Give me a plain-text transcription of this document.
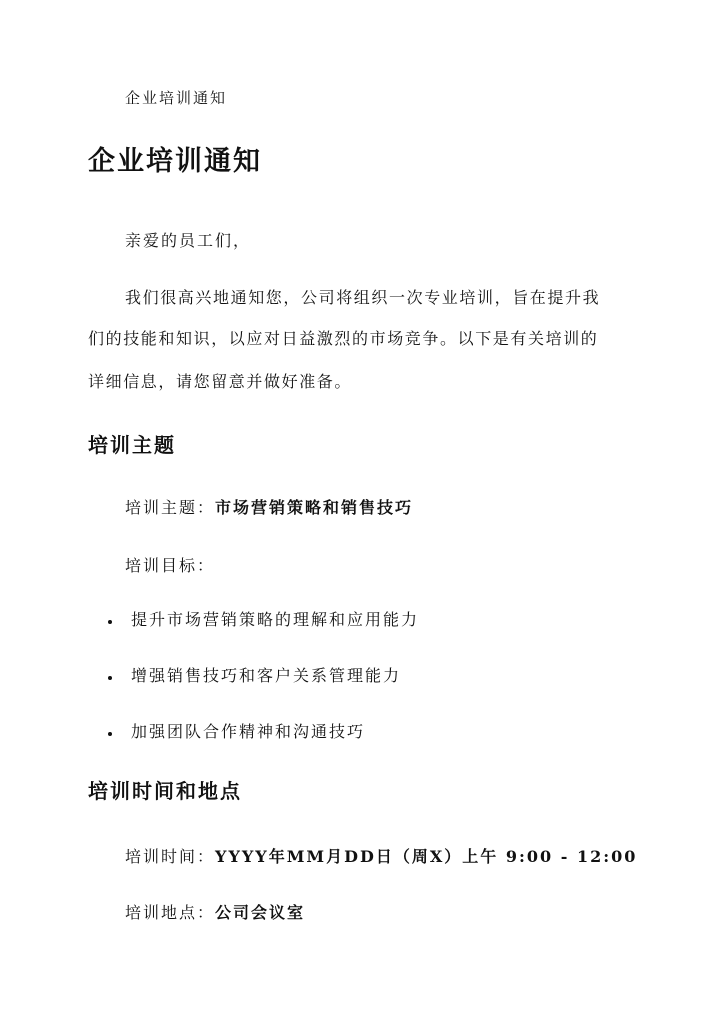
企业培训通知
企业培训通知
亲爱的员工们，
我们很高兴地通知您，公司将组织一次专业培训，旨在提升我
们的技能和知识，以应对日益激烈的市场竞争。以下是有关培训的
详细信息，请您留意并做好准备。
培训主题
培训主题：市场营销策略和销售技巧
培训目标：
提升市场营销策略的理解和应用能力
增强销售技巧和客户关系管理能力
加强团队合作精神和沟通技巧
培训时间和地点
培训时间：YYYY年MM月DD日（周X）上午 9:00 - 12:00
培训地点：公司会议室
